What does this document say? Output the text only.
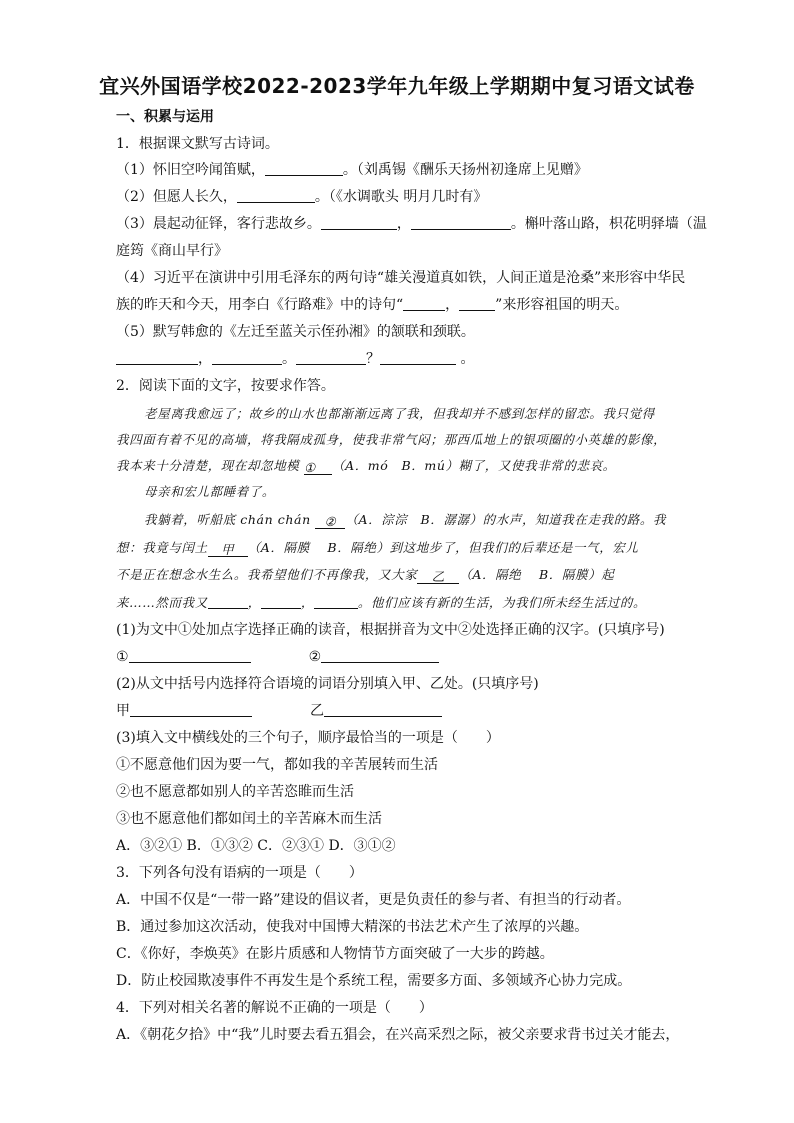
宜兴外国语学校2022-2023学年九年级上学期期中复习语文试卷
一、积累与运用
1．根据课文默写古诗词。
（1）怀旧空吟闻笛赋，	。（刘禹锡《酬乐天扬州初逢席上见赠》
（2）但愿人长久，	。（《水调歌头 明月几时有》
（3）晨起动征铎，客行悲故乡。	，	。槲叶落山路，枳花明驿墙（温
庭筠《商山早行》
（4）习近平在演讲中引用毛泽东的两句诗“雄关漫道真如铁，人间正道是沧桑”来形容中华民
族的昨天和今天，用李白《行路难》中的诗句“	，	”来形容祖国的明天。
（5）默写韩愈的《左迁至蓝关示侄孙湘》的颔联和颈联。
，	。	？	。
2．阅读下面的文字，按要求作答。
老屋离我愈远了；故乡的山水也都渐渐远离了我，但我却并不感到怎样的留恋。我只觉得
我四面有着不见的高墙，将我隔成孤身，使我非常气闷；那西瓜地上的银项圈的小英雄的影像，
我本来十分清楚，现在却忽地模 ① （A．mó　B．mú）糊了，又使我非常的悲哀。
母亲和宏儿都睡着了。
我躺着，听船底 chán chán ② （A．淙淙　B．潺潺）的水声，知道我在走我的路。我
想：我竟与闰土 甲 （A．隔膜　 B．隔绝）到这地步了，但我们的后辈还是一气，宏儿
不是正在想念水生么。我希望他们不再像我，又大家 乙 （A．隔绝　 B．隔膜）起
来……然而我又	，	，	。他们应该有新的生活，为我们所未经生活过的。
(1)为文中①处加点字选择正确的读音，根据拼音为文中②处选择正确的汉字。(只填序号)
①	②
(2)从文中括号内选择符合语境的词语分别填入甲、乙处。(只填序号)
甲	乙
(3)填入文中横线处的三个句子，顺序最恰当的一项是（　　）
①不愿意他们因为要一气，都如我的辛苦展转而生活
②也不愿意都如别人的辛苦恣睢而生活
③也不愿意他们都如闰土的辛苦麻木而生活
A．③②① B．①③② C．②③① D．③①②
3．下列各句没有语病的一项是（　　）
A．中国不仅是“一带一路”建设的倡议者，更是负责任的参与者、有担当的行动者。
B．通过参加这次活动，使我对中国博大精深的书法艺术产生了浓厚的兴趣。
C．《你好，李焕英》在影片质感和人物情节方面突破了一大步的跨越。
D．防止校园欺凌事件不再发生是个系统工程，需要多方面、多领域齐心协力完成。
4．下列对相关名著的解说不正确的一项是（　　）
A．《朝花夕拾》中“我”儿时要去看五猖会，在兴高采烈之际，被父亲要求背书过关才能去，
